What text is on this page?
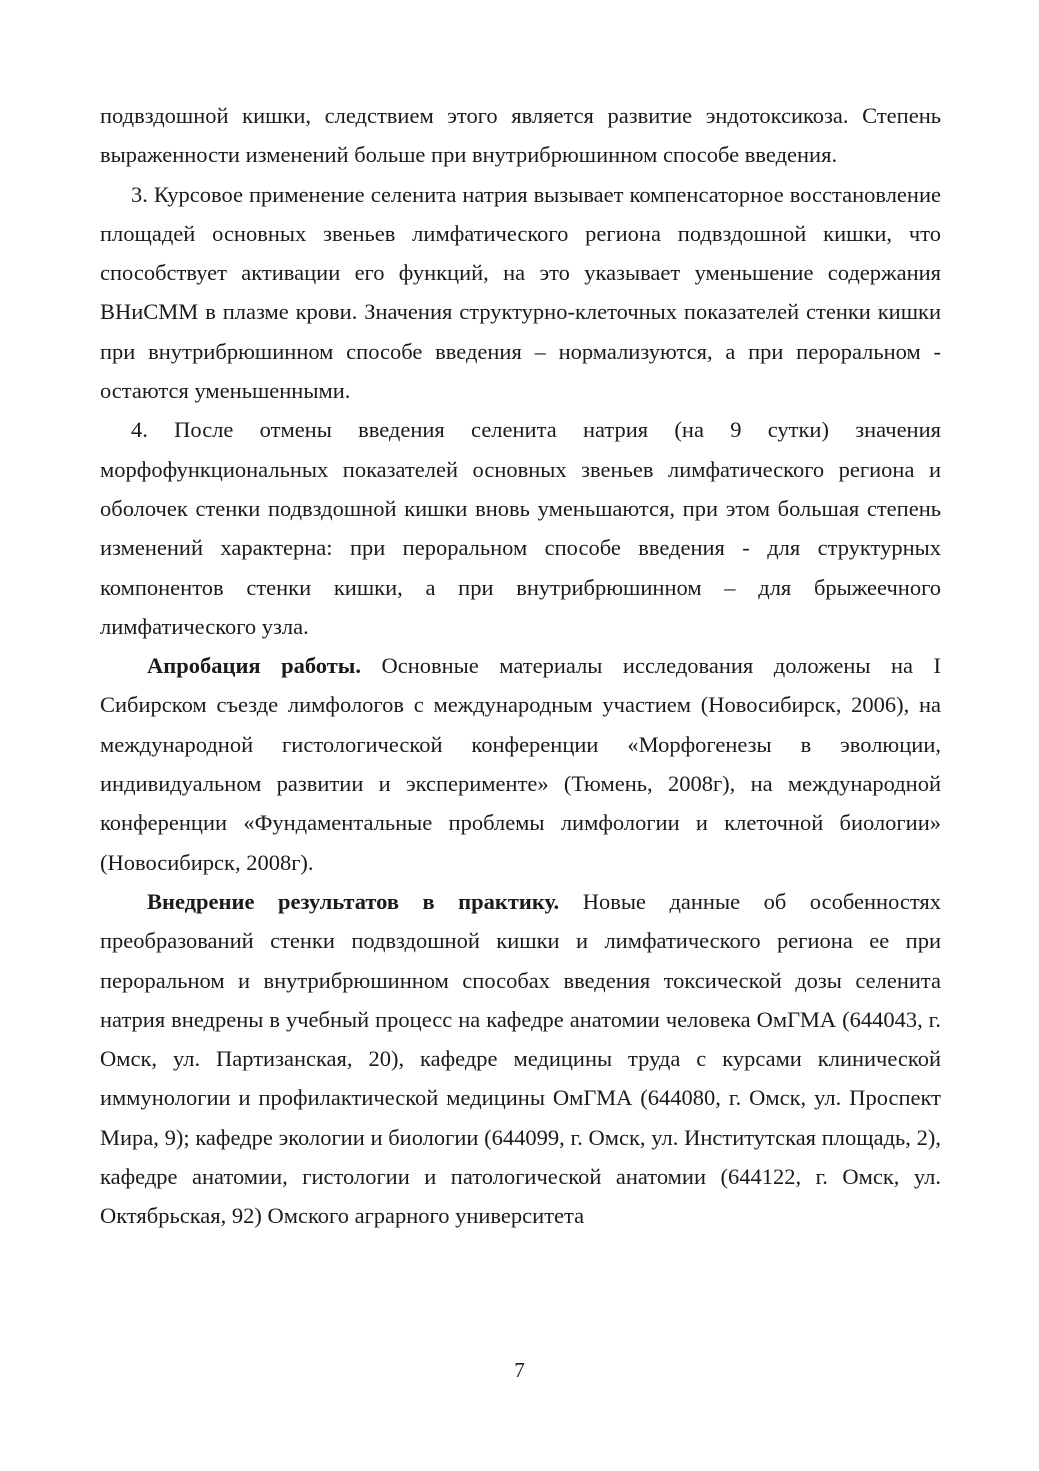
подвздошной кишки, следствием этого является развитие эндотоксикоза. Степень выраженности изменений больше при внутрибрюшинном способе введения.

3. Курсовое применение селенита натрия вызывает компенсаторное восстановление площадей основных звеньев лимфатического региона подвздошной кишки, что способствует активации его функций, на это указывает уменьшение содержания ВНиСММ в плазме крови. Значения структурно-клеточных показателей стенки кишки при внутрибрюшинном способе введения – нормализуются, а при пероральном - остаются уменьшенными.

4. После отмены введения селенита натрия (на 9 сутки) значения морфофункциональных показателей основных звеньев лимфатического региона и оболочек стенки подвздошной кишки вновь уменьшаются, при этом большая степень изменений характерна: при пероральном способе введения - для структурных компонентов стенки кишки, а при внутрибрюшинном – для брыжеечного лимфатического узла.

Апробация работы. Основные материалы исследования доложены на I Сибирском съезде лимфологов с международным участием (Новосибирск, 2006), на международной гистологической конференции «Морфогенезы в эволюции, индивидуальном развитии и эксперименте» (Тюмень, 2008г), на международной конференции «Фундаментальные проблемы лимфологии и клеточной биологии» (Новосибирск, 2008г).

Внедрение результатов в практику. Новые данные об особенностях преобразований стенки подвздошной кишки и лимфатического региона ее при пероральном и внутрибрюшинном способах введения токсической дозы селенита натрия внедрены в учебный процесс на кафедре анатомии человека ОмГМА (644043, г. Омск, ул. Партизанская, 20), кафедре медицины труда с курсами клинической иммунологии и профилактической медицины ОмГМА (644080, г. Омск, ул. Проспект Мира, 9); кафедре экологии и биологии (644099, г. Омск, ул. Институтская площадь, 2), кафедре анатомии, гистологии и патологической анатомии (644122, г. Омск, ул. Октябрьская, 92) Омского аграрного университета

7
